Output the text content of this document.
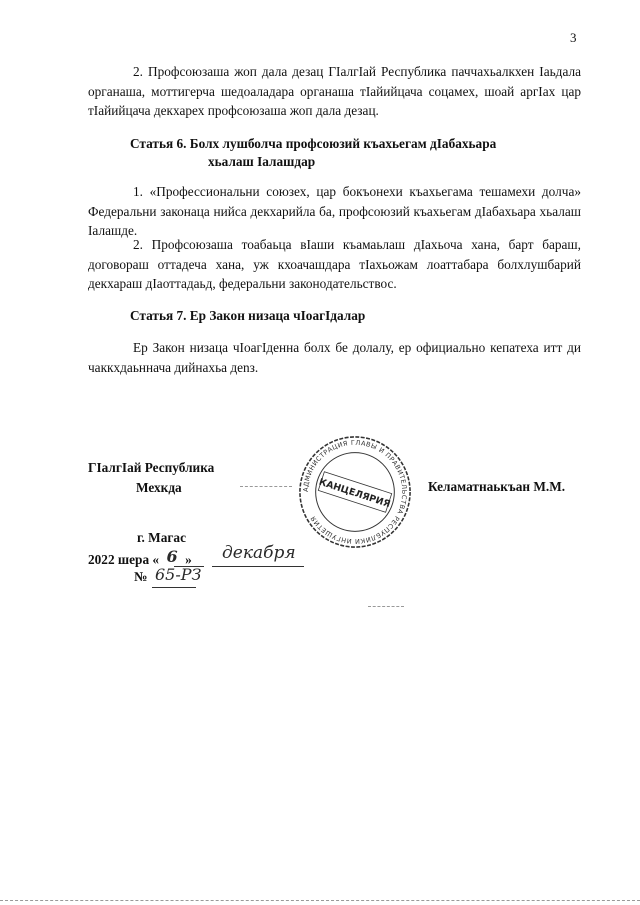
3

2. Профсоюзаша жоп дала дезац ГӀалгӀай Республика паччахьалкхен Ӏаьдала органаша, моттигерча шедоаладара органаша тӀайийцача соцамех, шоай аргӀах цар тӀайийцача декхарех профсоюзаша жоп дала дезац.

Статья 6. Болх лушболча профсоюзий къахьегам дӀабахьара

хьалаш Ӏалашдар

1. «Профессиональни союзех, цар бокъонехи къахьегама тешамехи долча» Федеральни законаца нийса декхарийла ба, профсоюзий къахьегам дӀабахьара хьалаш Ӏалашде.

2. Профсоюзаша тоабаьца вӀаши къамаьлаш дӀахьоча хана, барт бараш, договораш оттадеча хана, уж кхоачашдара тӀахьожам лоаттабара болхлушбарий декхараш дӀаоттадаьд, федеральни законодательствос.

Статья 7. Ер Закон низаца чӀоагӀдалар

Ер Закон низаца чӀоагӀденна болх бе долалу, ер официально кепатеха итт ди чаккхдаьннача дийнахьа дenз.

ГӀалгӀай Республика
Мехкда	АДМИНИСТРАЦИЯ ГЛАВЫ И ПРАВИТЕЛЬСТВА РЕСПУБЛИКИ ИНГУШЕТИЯ
КАНЦЕЛЯРИЯ	Келаматнаькъан М.М.
г. Магас
2022 шера « 6 » декабря
№ 65-РЗ
